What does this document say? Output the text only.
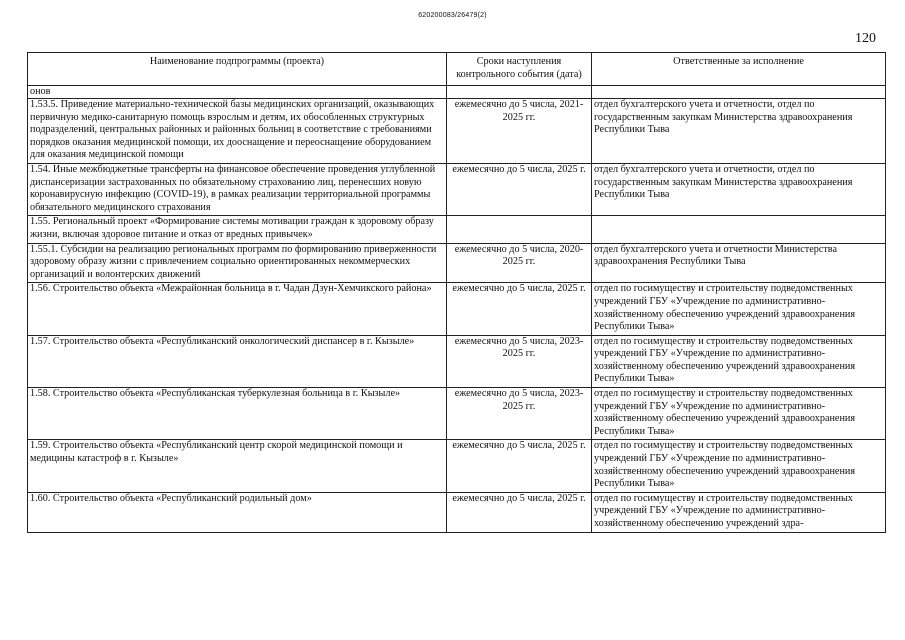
620200083/26479(2)
120
Наименование подпрограммы (проекта)	Сроки наступления контрольного события (дата)	Ответственные за исполнение
онов		
1.53.5. Приведение материально-технической базы медицинских организаций, оказывающих первичную медико-санитарную помощь взрослым и детям, их обособленных структурных подразделений, центральных районных и районных больниц в соответствие с требованиями порядков оказания медицинской помощи, их дооснащение и переоснащение оборудованием для оказания медицинской помощи	ежемесячно до 5 числа, 2021-2025 гг.	отдел бухгалтерского учета и отчетности, отдел по государственным закупкам Министерства здравоохранения Республики Тыва
1.54. Иные межбюджетные трансферты на финансовое обеспечение проведения углубленной диспансеризации застрахованных по обязательному страхованию лиц, перенесших новую коронавирусную инфекцию (COVID-19), в рамках реализации территориальной программы обязательного медицинского страхования	ежемесячно до 5 числа, 2025 г.	отдел бухгалтерского учета и отчетности, отдел по государственным закупкам Министерства здравоохранения Республики Тыва
1.55. Региональный проект «Формирование системы мотивации граждан к здоровому образу жизни, включая здоровое питание и отказ от вредных привычек»		
1.55.1. Субсидии на реализацию региональных программ по формированию приверженности здоровому образу жизни с привлечением социально ориентированных некоммерческих организаций и волонтерских движений	ежемесячно до 5 числа, 2020-2025 гг.	отдел бухгалтерского учета и отчетности Министерства здравоохранения Республики Тыва
1.56. Строительство объекта «Межрайонная больница в г. Чадан Дзун-Хемчикского района»	ежемесячно до 5 числа, 2025 г.	отдел по госимуществу и строительству подведомственных учреждений ГБУ «Учреждение по административно-хозяйственному обеспечению учреждений здравоохранения Республики Тыва»
1.57. Строительство объекта «Республиканский онкологический диспансер в г. Кызыле»	ежемесячно до 5 числа, 2023-2025 гг.	отдел по госимуществу и строительству подведомственных учреждений ГБУ «Учреждение по административно-хозяйственному обеспечению учреждений здравоохранения Республики Тыва»
1.58. Строительство объекта «Республиканская туберкулезная больница в г. Кызыле»	ежемесячно до 5 числа, 2023-2025 гг.	отдел по госимуществу и строительству подведомственных учреждений ГБУ «Учреждение по административно-хозяйственному обеспечению учреждений здравоохранения Республики Тыва»
1.59. Строительство объекта «Республиканский центр скорой медицинской помощи и медицины катастроф в г. Кызыле»	ежемесячно до 5 числа, 2025 г.	отдел по госимуществу и строительству подведомственных учреждений ГБУ «Учреждение по административно-хозяйственному обеспечению учреждений здравоохранения Республики Тыва»
1.60. Строительство объекта «Республиканский родильный дом»	ежемесячно до 5 числа, 2025 г.	отдел по госимуществу и строительству подведомственных учреждений ГБУ «Учреждение по административно-хозяйственному обеспечению учреждений здра-
